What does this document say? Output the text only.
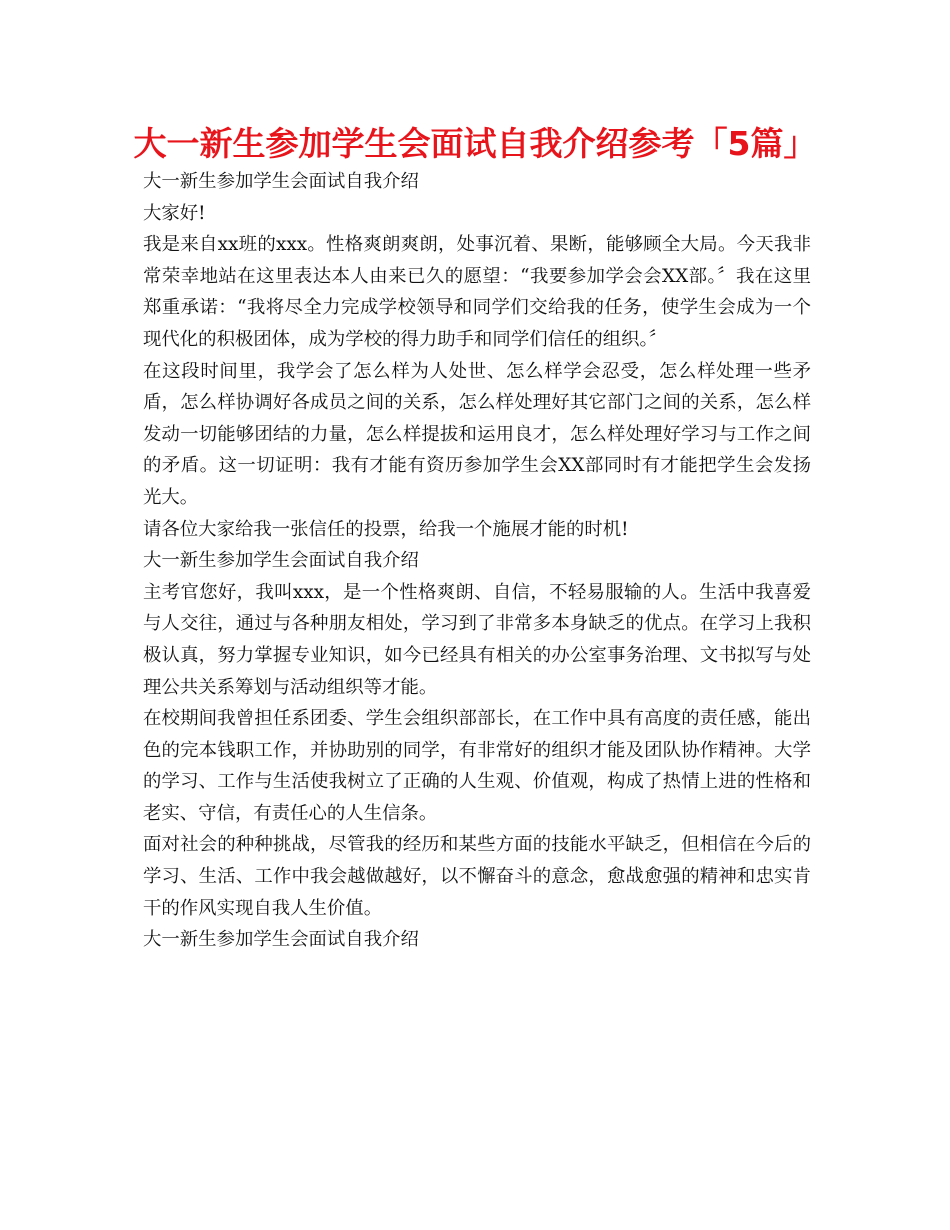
大一新生参加学生会面试自我介绍参考「5篇」

大一新生参加学生会面试自我介绍

大家好!

我是来自xx班的xxx。性格爽朗爽朗，处事沉着、果断，能够顾全大局。今天我非常荣幸地站在这里表达本人由来已久的愿望：“我要参加学会会XX部。〞我在这里郑重承诺：“我将尽全力完成学校领导和同学们交给我的任务，使学生会成为一个现代化的积极团体，成为学校的得力助手和同学们信任的组织。〞

在这段时间里，我学会了怎么样为人处世、怎么样学会忍受，怎么样处理一些矛盾，怎么样协调好各成员之间的关系，怎么样处理好其它部门之间的关系，怎么样发动一切能够团结的力量，怎么样提拔和运用良才，怎么样处理好学习与工作之间的矛盾。这一切证明：我有才能有资历参加学生会XX部同时有才能把学生会发扬光大。

请各位大家给我一张信任的投票，给我一个施展才能的时机!

大一新生参加学生会面试自我介绍

主考官您好，我叫xxx，是一个性格爽朗、自信，不轻易服输的人。生活中我喜爱与人交往，通过与各种朋友相处，学习到了非常多本身缺乏的优点。在学习上我积极认真，努力掌握专业知识，如今已经具有相关的办公室事务治理、文书拟写与处理公共关系筹划与活动组织等才能。

在校期间我曾担任系团委、学生会组织部部长，在工作中具有高度的责任感，能出色的完本钱职工作，并协助别的同学，有非常好的组织才能及团队协作精神。大学的学习、工作与生活使我树立了正确的人生观、价值观，构成了热情上进的性格和老实、守信，有责任心的人生信条。

面对社会的种种挑战，尽管我的经历和某些方面的技能水平缺乏，但相信在今后的学习、生活、工作中我会越做越好，以不懈奋斗的意念，愈战愈强的精神和忠实肯干的作风实现自我人生价值。

大一新生参加学生会面试自我介绍
